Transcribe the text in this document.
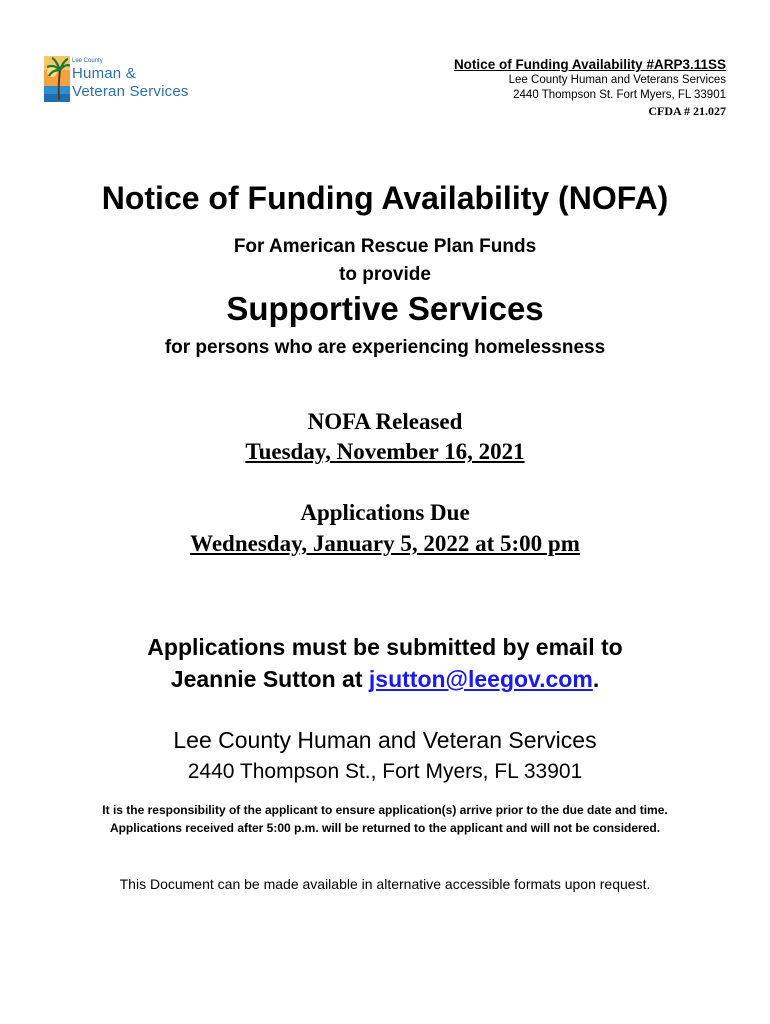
Lee County
Human &
Veteran Services
Notice of Funding Availability #ARP3.11SS
Lee County Human and Veterans Services
2440 Thompson St. Fort Myers, FL 33901
CFDA # 21.027
Notice of Funding Availability (NOFA)
For American Rescue Plan Funds
to provide
Supportive Services
for persons who are experiencing homelessness
NOFA Released
Tuesday, November 16, 2021
Applications Due
Wednesday, January 5, 2022 at 5:00 pm
Applications must be submitted by email to
Jeannie Sutton at jsutton@leegov.com.
Lee County Human and Veteran Services
2440 Thompson St., Fort Myers, FL 33901
It is the responsibility of the applicant to ensure application(s) arrive prior to the due date and time.
Applications received after 5:00 p.m. will be returned to the applicant and will not be considered.
This Document can be made available in alternative accessible formats upon request.
